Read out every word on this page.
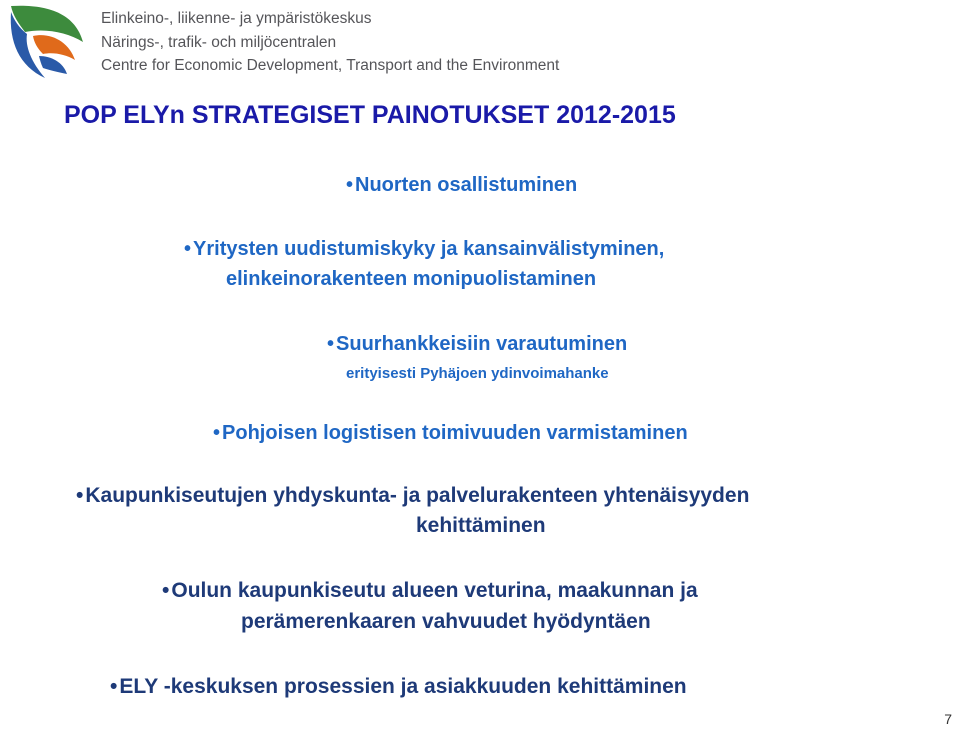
Elinkeino-, liikenne- ja ympäristökeskus
Närings-, trafik- och miljöcentralen
Centre for Economic Development, Transport and the Environment
POP ELYn STRATEGISET PAINOTUKSET 2012-2015
• Nuorten osallistuminen
• Yritysten uudistumiskyky ja kansainvälistyminen,
elinkeinorakenteen monipuolistaminen
• Suurhankkeisiin varautuminen
erityisesti Pyhäjoen ydinvoimahanke
• Pohjoisen logistisen toimivuuden varmistaminen
•Kaupunkiseutujen yhdyskunta- ja palvelurakenteen yhtenäisyyden
kehittäminen
•Oulun kaupunkiseutu alueen veturina, maakunnan ja
perämerenkaaren vahvuudet hyödyntäen
•ELY -keskuksen prosessien ja asiakkuuden kehittäminen
7
